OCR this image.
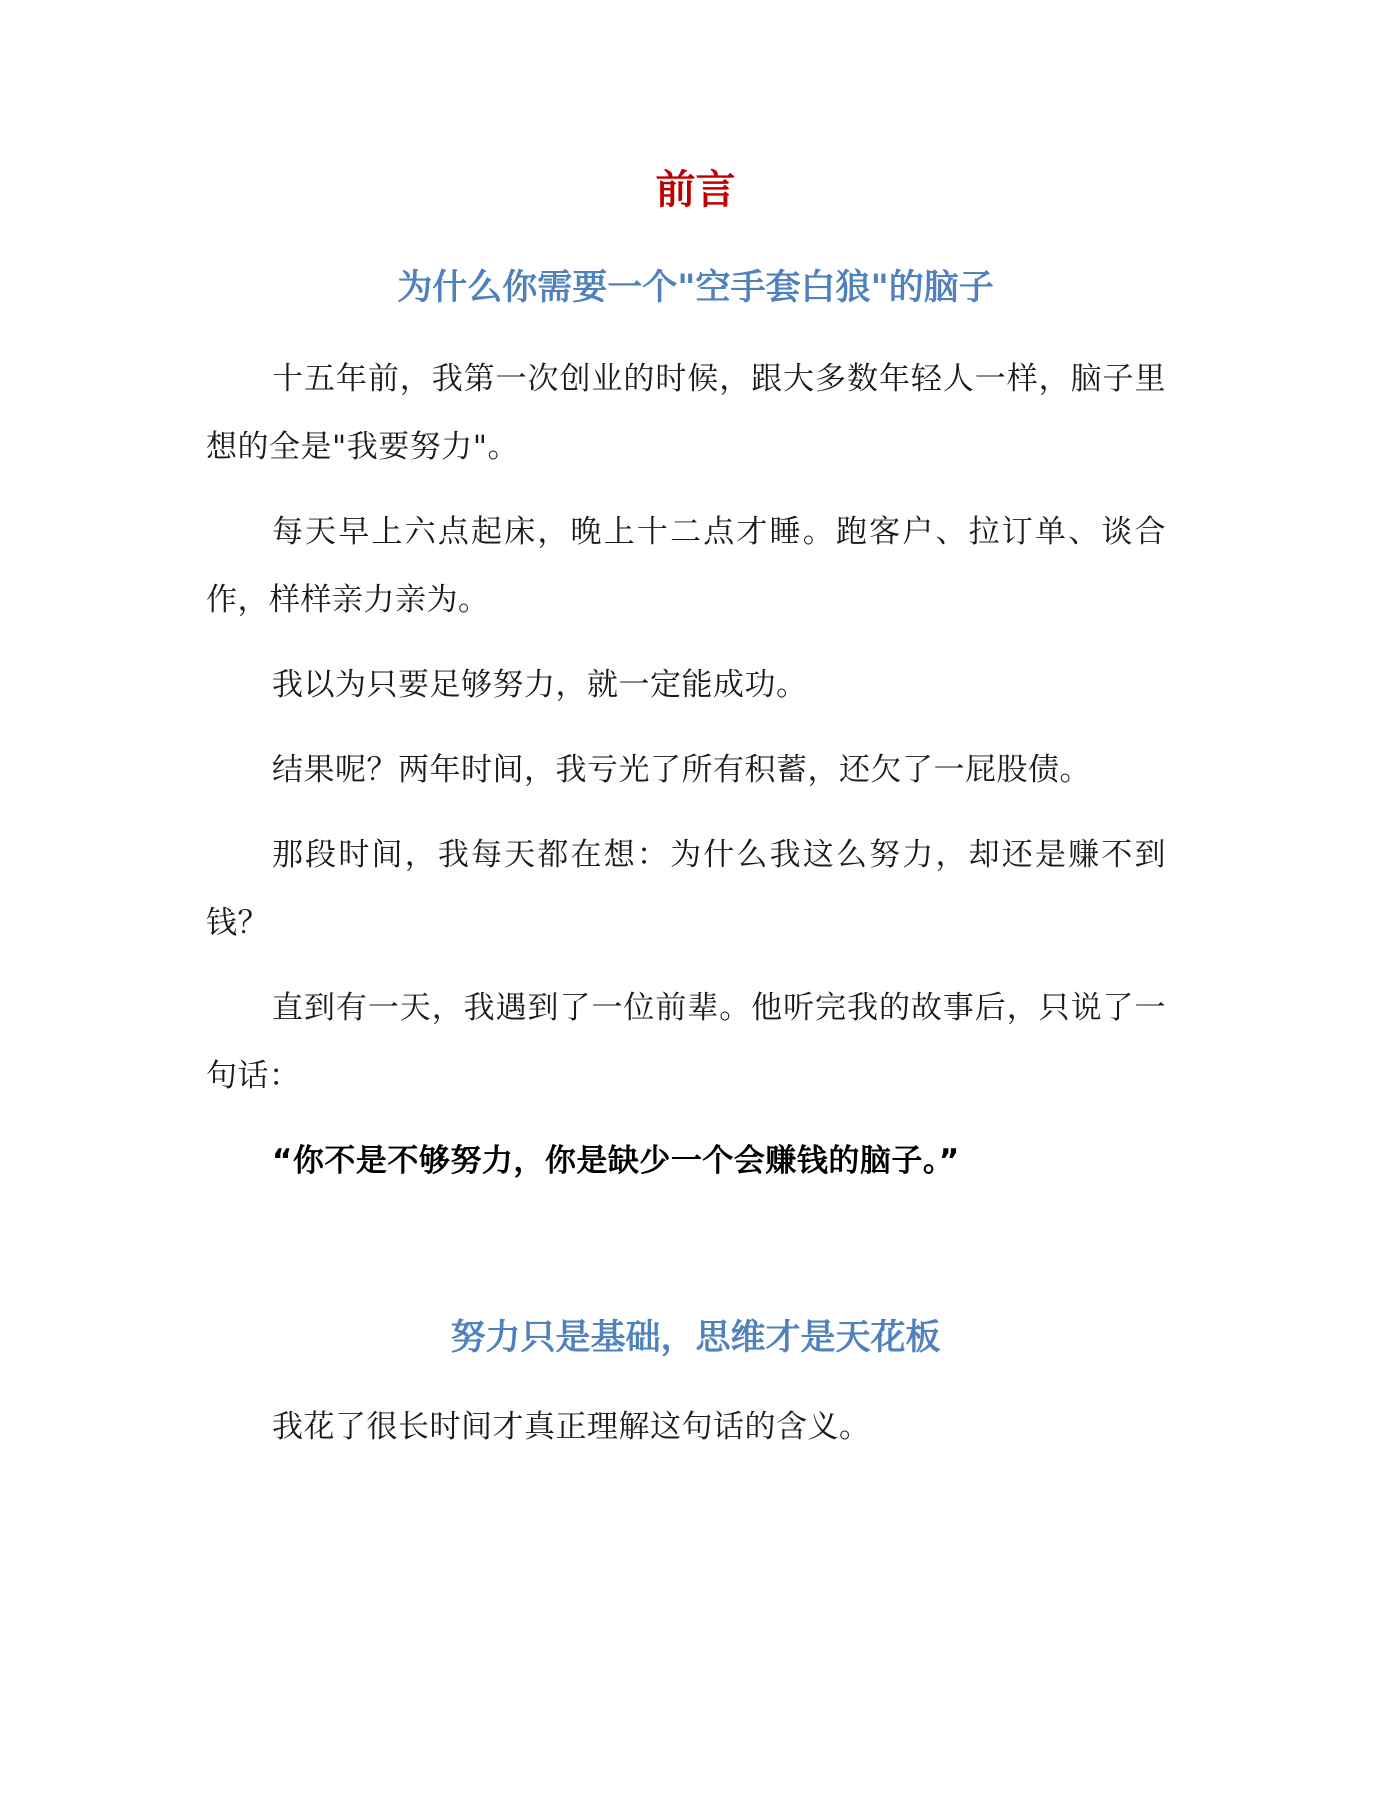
前言
为什么你需要一个"空手套白狼"的脑子

十五年前，我第一次创业的时候，跟大多数年轻人一样，脑子里想的全是"我要努力"。

每天早上六点起床，晚上十二点才睡。跑客户、拉订单、谈合作，样样亲力亲为。

我以为只要足够努力，就一定能成功。

结果呢？两年时间，我亏光了所有积蓄，还欠了一屁股债。

那段时间，我每天都在想：为什么我这么努力，却还是赚不到钱？

直到有一天，我遇到了一位前辈。他听完我的故事后，只说了一句话：

“你不是不够努力，你是缺少一个会赚钱的脑子。”

努力只是基础，思维才是天花板

我花了很长时间才真正理解这句话的含义。
